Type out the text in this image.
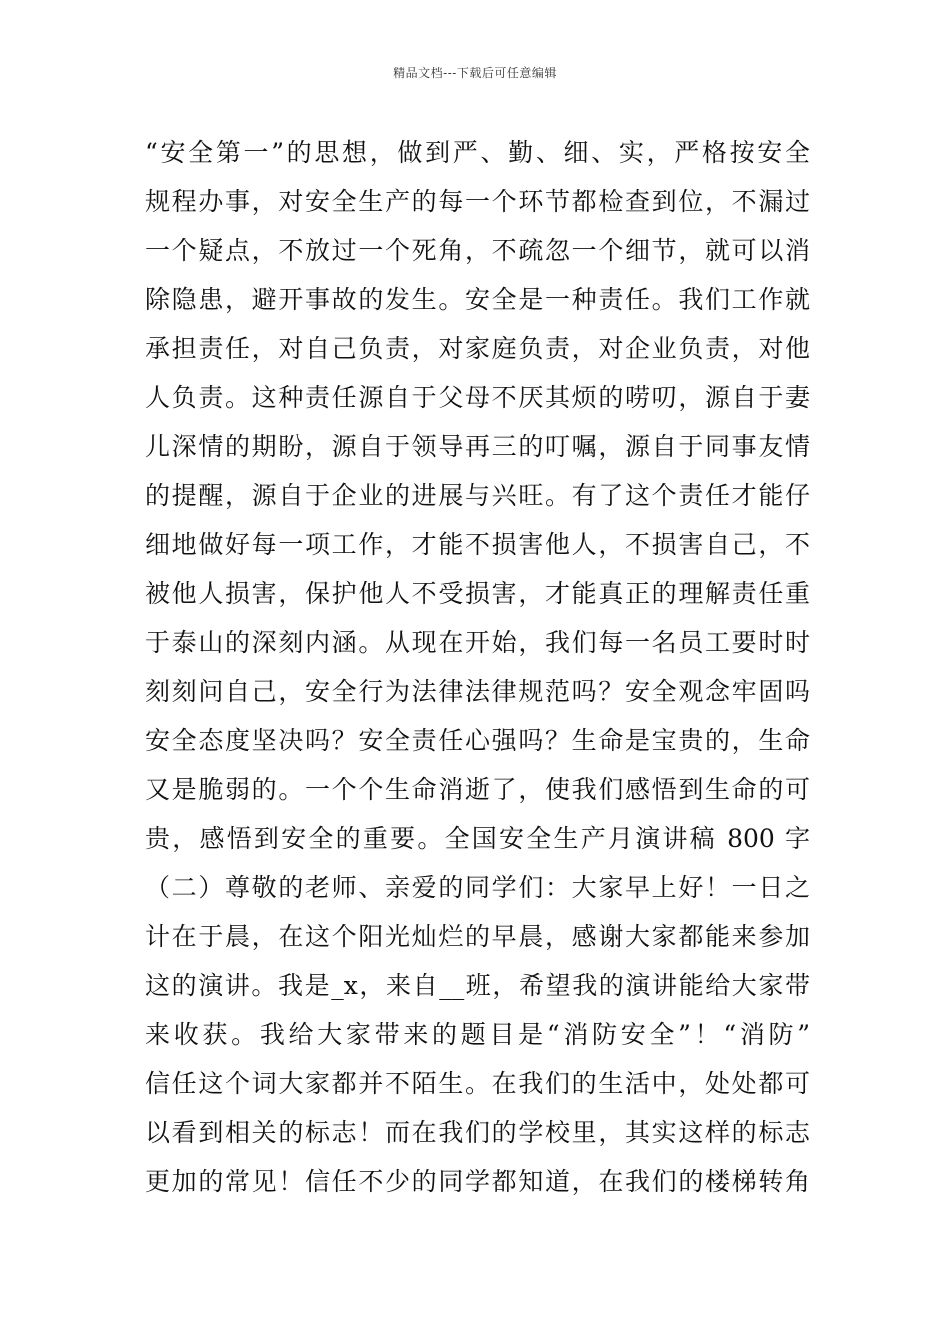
精品文档---下载后可任意编辑
“安全第一”的思想，做到严、勤、细、实，严格按安全
规程办事，对安全生产的每一个环节都检查到位，不漏过
一个疑点，不放过一个死角，不疏忽一个细节，就可以消
除隐患，避开事故的发生。安全是一种责任。我们工作就
承担责任，对自己负责，对家庭负责，对企业负责，对他
人负责。这种责任源自于父母不厌其烦的唠叨，源自于妻
儿深情的期盼，源自于领导再三的叮嘱，源自于同事友情
的提醒，源自于企业的进展与兴旺。有了这个责任才能仔
细地做好每一项工作，才能不损害他人，不损害自己，不
被他人损害，保护他人不受损害，才能真正的理解责任重
于泰山的深刻内涵。从现在开始，我们每一名员工要时时
刻刻问自己，安全行为法律法律规范吗？安全观念牢固吗
安全态度坚决吗？安全责任心强吗？生命是宝贵的，生命
又是脆弱的。一个个生命消逝了，使我们感悟到生命的可
贵，感悟到安全的重要。全国安全生产月演讲稿 800 字
（二）尊敬的老师、亲爱的同学们：大家早上好！一日之
计在于晨，在这个阳光灿烂的早晨，感谢大家都能来参加
这的演讲。我是_x，来自__班，希望我的演讲能给大家带
来收获。我给大家带来的题目是“消防安全”！“消防”
信任这个词大家都并不陌生。在我们的生活中，处处都可
以看到相关的标志！而在我们的学校里，其实这样的标志
更加的常见！信任不少的同学都知道，在我们的楼梯转角
